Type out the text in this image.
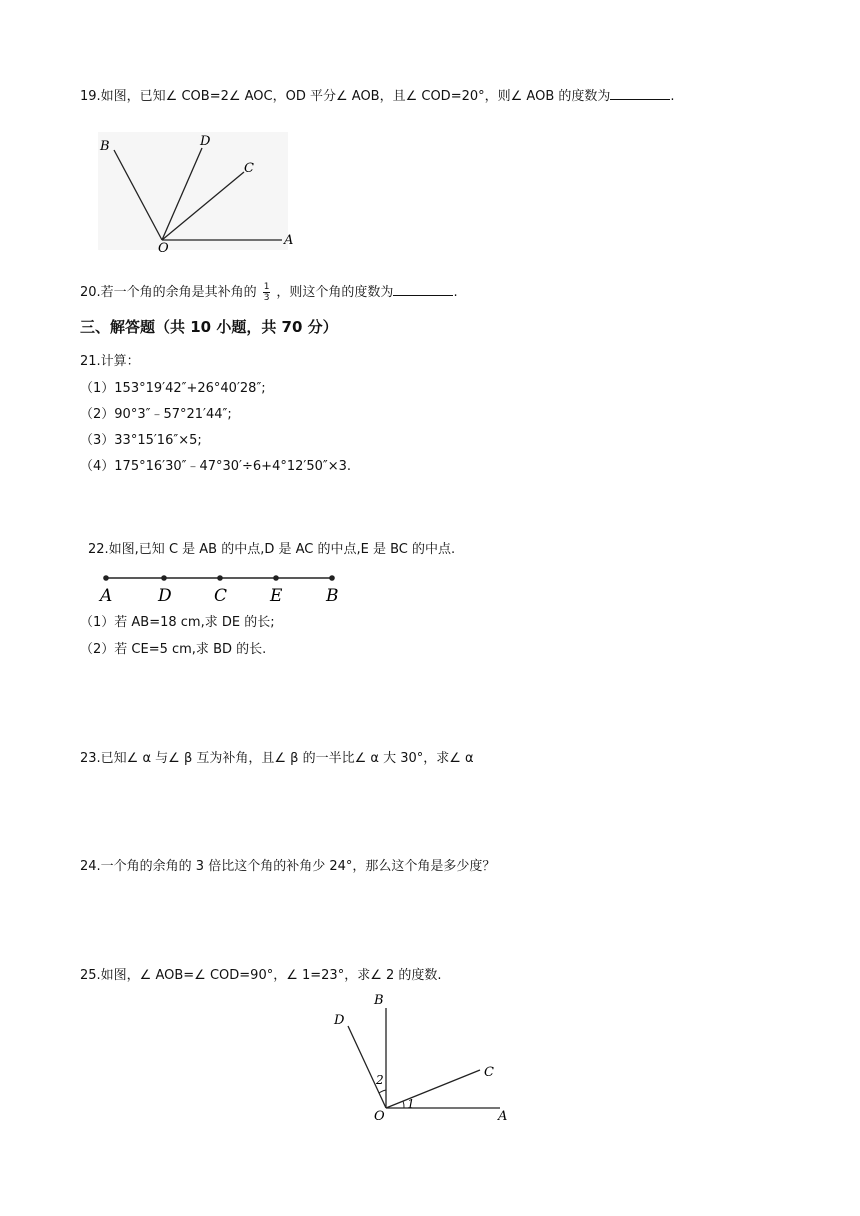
19.如图，已知∠ COB=2∠ AOC，OD 平分∠ AOB，且∠ COD=20°，则∠ AOB 的度数为	.
B	D
C
O
A
20.若一个角的余角是其补角的 $\frac{1}{3}$ ，则这个角的度数为	.
三、解答题（共 10 小题，共 70 分）
21.计算：
（1）153°19′42″+26°40′28″;
（2）90°3″﹣57°21′44″;
（3）33°15′16″×5;
（4）175°16′30″﹣47°30′÷6+4°12′50″×3.
22.如图,已知 C 是 AB 的中点,D 是 AC 的中点,E 是 BC 的中点.
A	D C	E	B
（1）若 AB=18 cm,求 DE 的长;
（2）若 CE=5 cm,求 BD 的长.
23.已知∠ α 与∠ β 互为补角，且∠ β 的一半比∠ α 大 30°，求∠ α
24.一个角的余角的 3 倍比这个角的补角少 24°，那么这个角是多少度？
25.如图，∠ AOB=∠ COD=90°，∠ 1=23°，求∠ 2 的度数.
B
D
C
O	A
1
2
